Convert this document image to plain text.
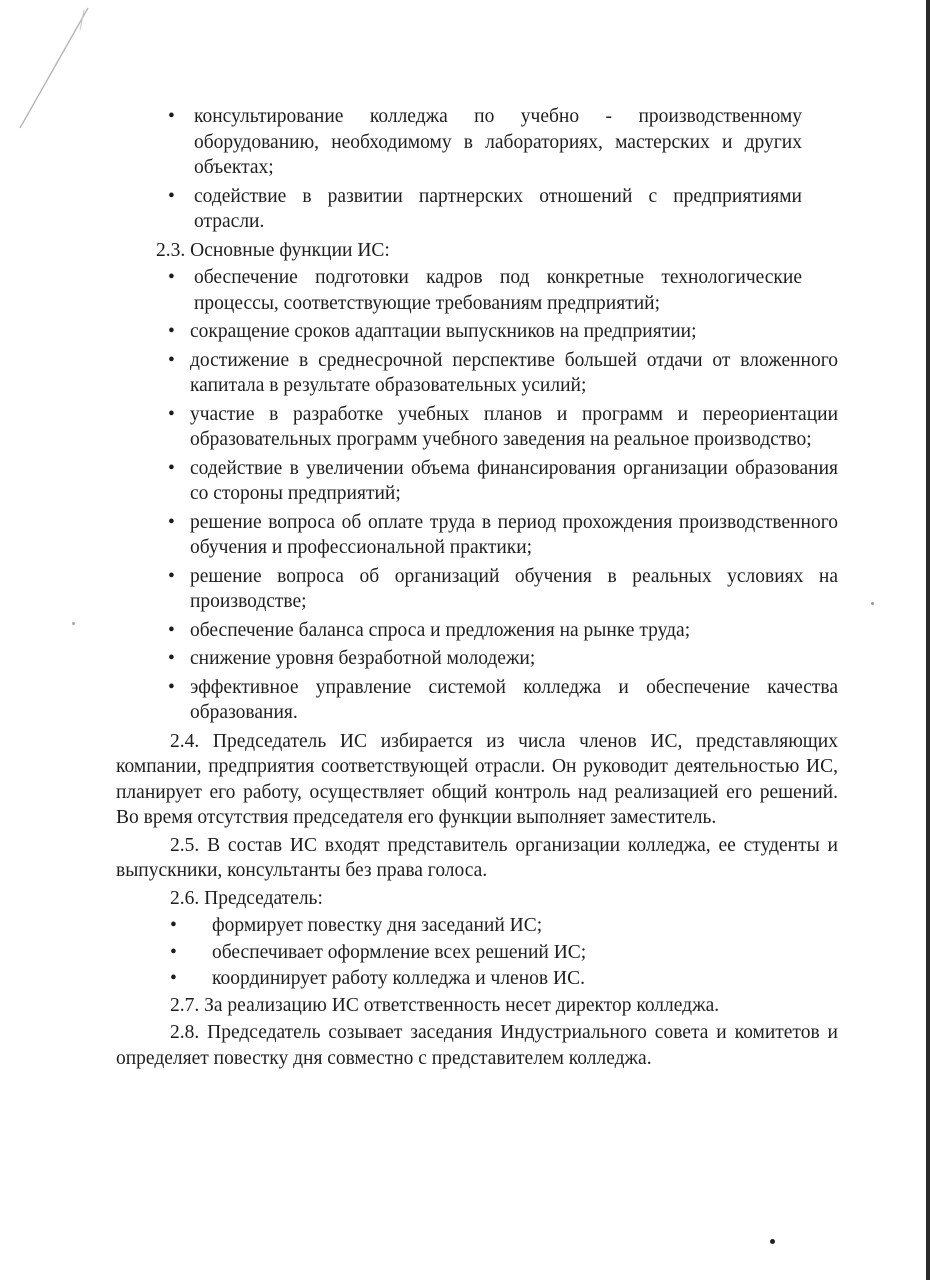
• консультирование колледжа по учебно - производственному оборудованию, необходимому в лабораториях, мастерских и других объектах;
• содействие в развитии партнерских отношений с предприятиями отрасли.
2.3. Основные функции ИС:
• обеспечение подготовки кадров под конкретные технологические процессы, соответствующие требованиям предприятий;
• сокращение сроков адаптации выпускников на предприятии;
• достижение в среднесрочной перспективе большей отдачи от вложенного капитала в результате образовательных усилий;
• участие в разработке учебных планов и программ и переориентации образовательных программ учебного заведения на реальное производство;
• содействие в увеличении объема финансирования организации образования со стороны предприятий;
• решение вопроса об оплате труда в период прохождения производственного обучения и профессиональной практики;
• решение вопроса об организаций обучения в реальных условиях на производстве;
• обеспечение баланса спроса и предложения на рынке труда;
• снижение уровня безработной молодежи;
• эффективное управление системой колледжа и обеспечение качества образования.
2.4. Председатель ИС избирается из числа членов ИС, представляющих компании, предприятия соответствующей отрасли. Он руководит деятельностью ИС, планирует его работу, осуществляет общий контроль над реализацией его решений. Во время отсутствия председателя его функции выполняет заместитель.
2.5. В состав ИС входят представитель организации колледжа, ее студенты и выпускники, консультанты без права голоса.
2.6. Председатель:
• формирует повестку дня заседаний ИС;
• обеспечивает оформление всех решений ИС;
• координирует работу колледжа и членов ИС.
2.7. За реализацию ИС ответственность несет директор колледжа.
2.8. Председатель созывает заседания Индустриального совета и комитетов и определяет повестку дня совместно с представителем колледжа.
